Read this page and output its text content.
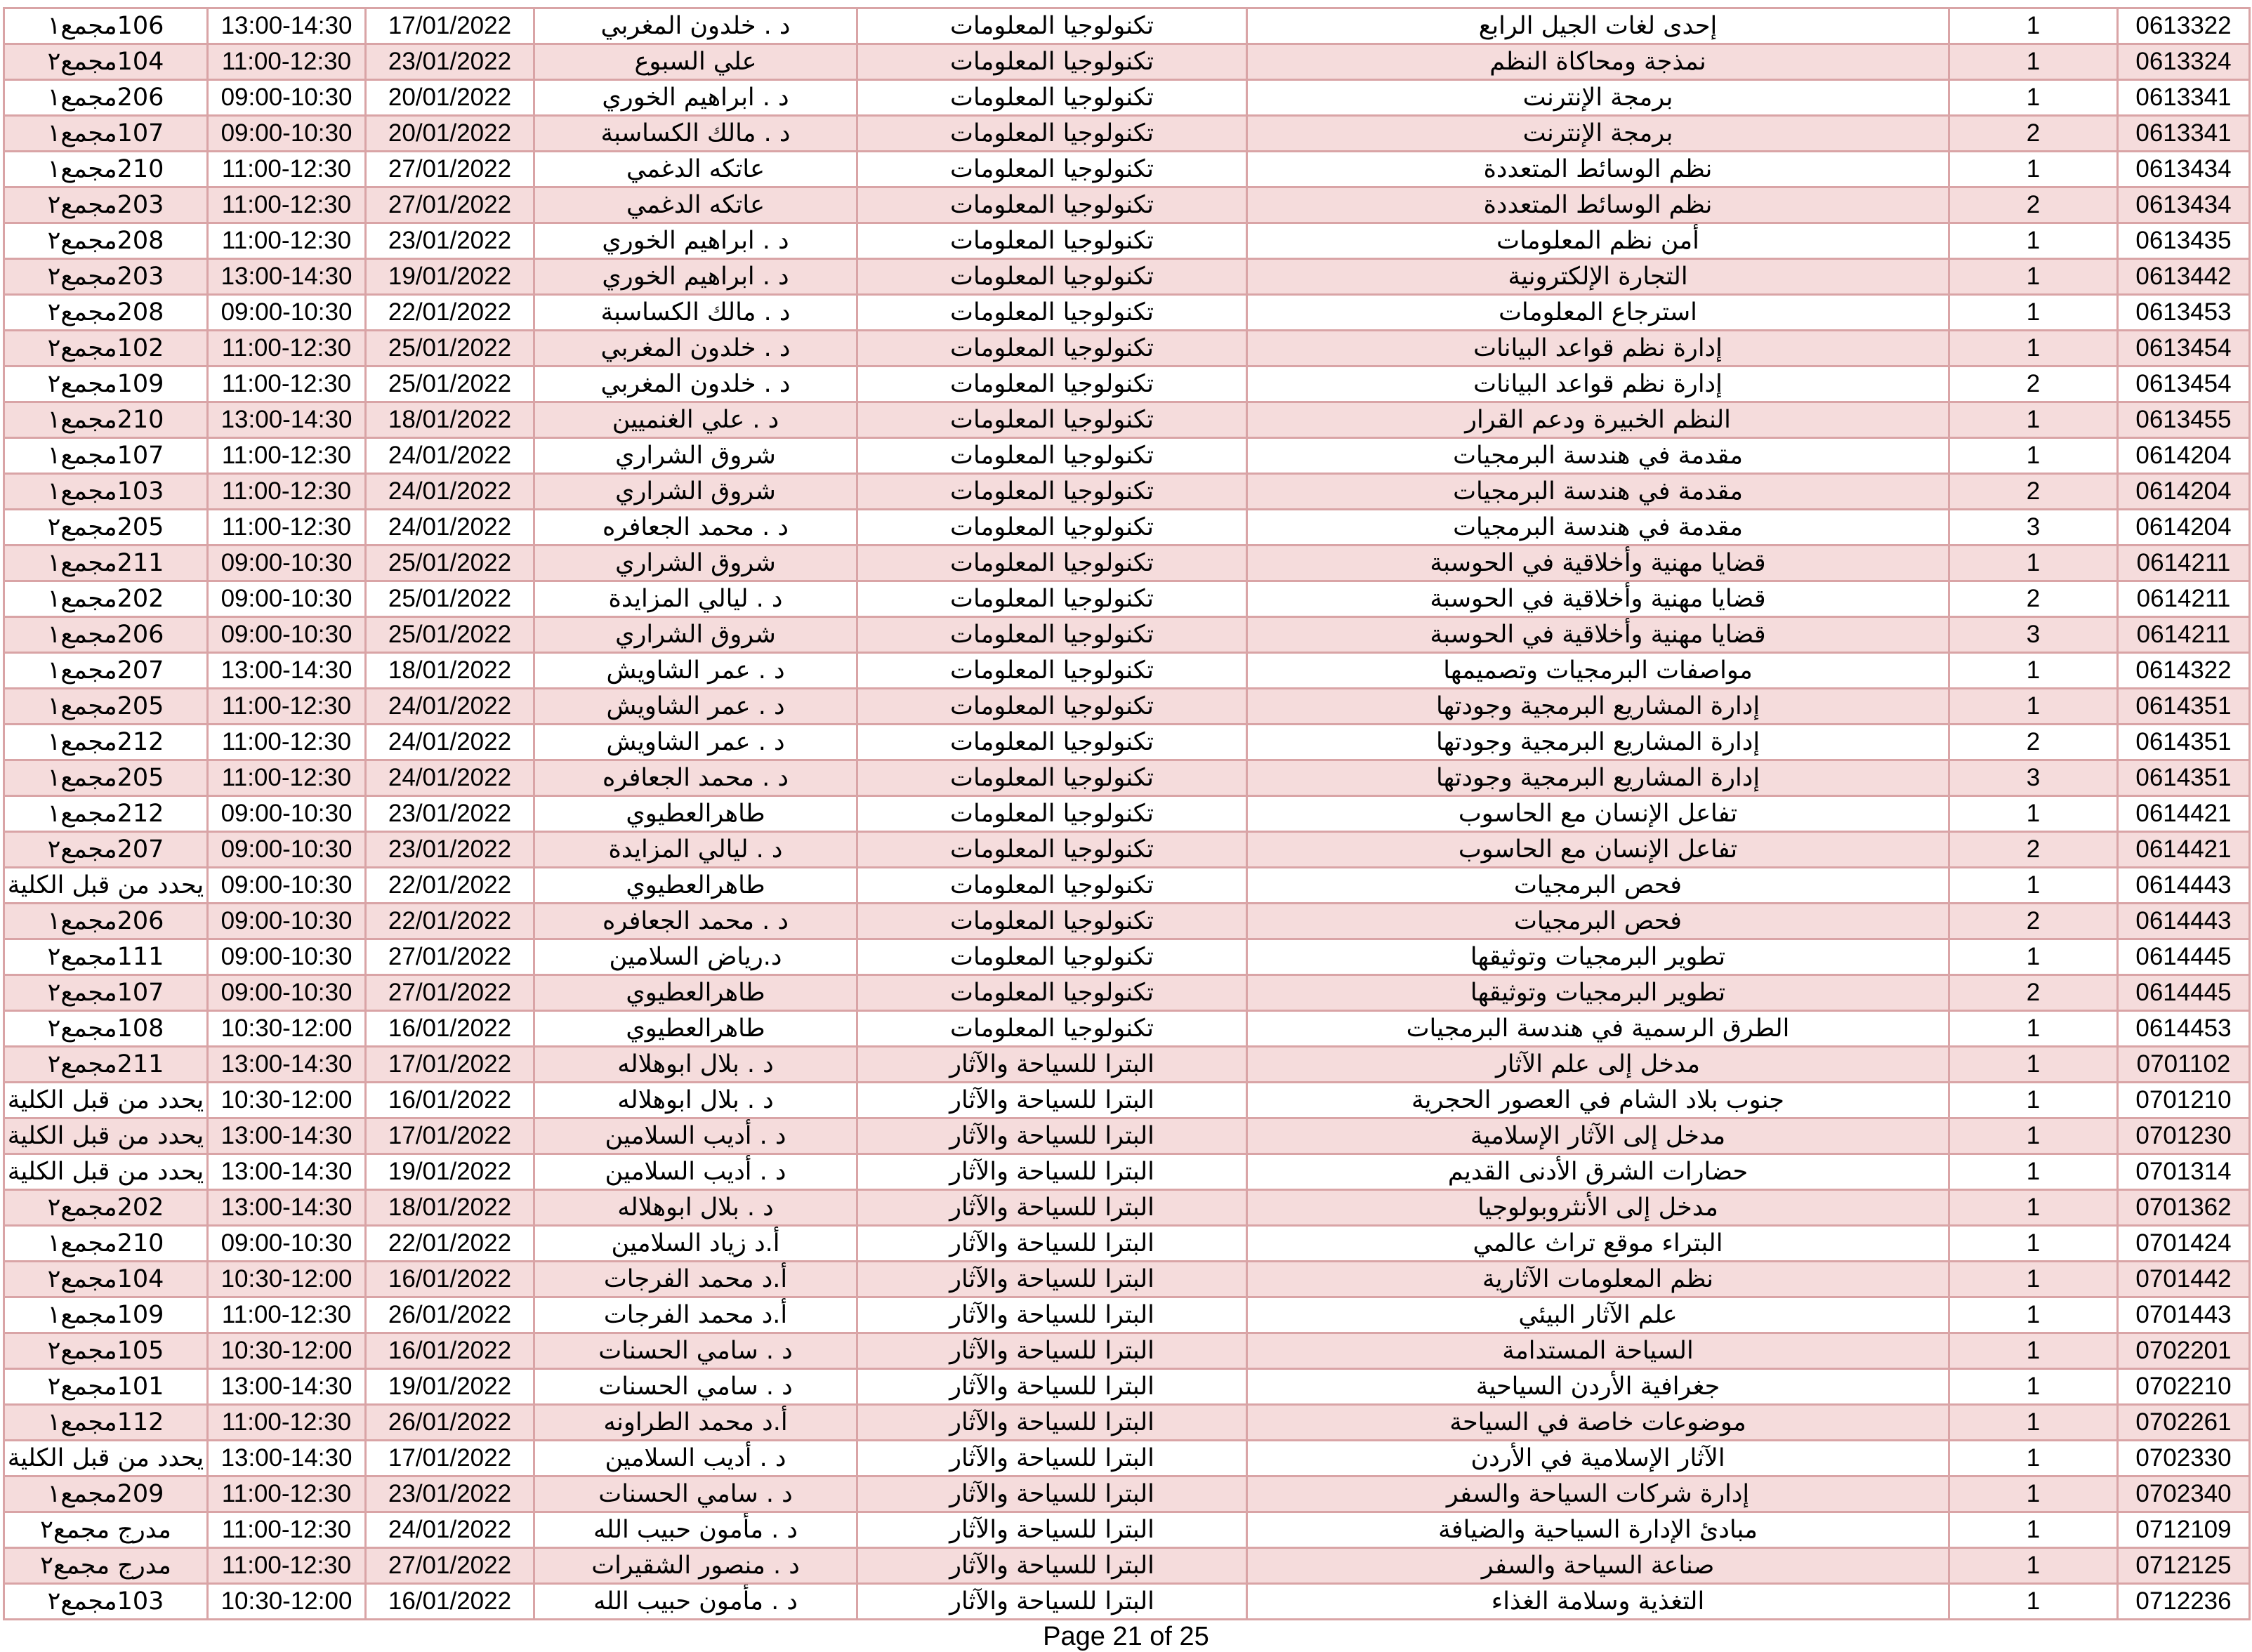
106مجمع١	13:00-14:30	17/01/2022	د . خلدون المغربي	تكنولوجيا المعلومات	إحدى لغات الجيل الرابع	1	0613322
104مجمع٢	11:00-12:30	23/01/2022	علي السبوع	تكنولوجيا المعلومات	نمذجة ومحاكاة النظم	1	0613324
206مجمع١	09:00-10:30	20/01/2022	د . ابراهيم الخوري	تكنولوجيا المعلومات	برمجة الإنترنت	1	0613341
107مجمع١	09:00-10:30	20/01/2022	د . مالك الكساسبة	تكنولوجيا المعلومات	برمجة الإنترنت	2	0613341
210مجمع١	11:00-12:30	27/01/2022	عاتكه الدغمي	تكنولوجيا المعلومات	نظم الوسائط المتعددة	1	0613434
203مجمع٢	11:00-12:30	27/01/2022	عاتكه الدغمي	تكنولوجيا المعلومات	نظم الوسائط المتعددة	2	0613434
208مجمع٢	11:00-12:30	23/01/2022	د . ابراهيم الخوري	تكنولوجيا المعلومات	أمن نظم المعلومات	1	0613435
203مجمع٢	13:00-14:30	19/01/2022	د . ابراهيم الخوري	تكنولوجيا المعلومات	التجارة الإلكترونية	1	0613442
208مجمع٢	09:00-10:30	22/01/2022	د . مالك الكساسبة	تكنولوجيا المعلومات	استرجاع المعلومات	1	0613453
102مجمع٢	11:00-12:30	25/01/2022	د . خلدون المغربي	تكنولوجيا المعلومات	إدارة نظم قواعد البيانات	1	0613454
109مجمع٢	11:00-12:30	25/01/2022	د . خلدون المغربي	تكنولوجيا المعلومات	إدارة نظم قواعد البيانات	2	0613454
210مجمع١	13:00-14:30	18/01/2022	د . علي الغنميين	تكنولوجيا المعلومات	النظم الخبيرة ودعم القرار	1	0613455
107مجمع١	11:00-12:30	24/01/2022	شروق الشراري	تكنولوجيا المعلومات	مقدمة في هندسة البرمجيات	1	0614204
103مجمع١	11:00-12:30	24/01/2022	شروق الشراري	تكنولوجيا المعلومات	مقدمة في هندسة البرمجيات	2	0614204
205مجمع٢	11:00-12:30	24/01/2022	د . محمد الجعافره	تكنولوجيا المعلومات	مقدمة في هندسة البرمجيات	3	0614204
211مجمع١	09:00-10:30	25/01/2022	شروق الشراري	تكنولوجيا المعلومات	قضايا مهنية وأخلاقية في الحوسبة	1	0614211
202مجمع١	09:00-10:30	25/01/2022	د . ليالي المزايدة	تكنولوجيا المعلومات	قضايا مهنية وأخلاقية في الحوسبة	2	0614211
206مجمع١	09:00-10:30	25/01/2022	شروق الشراري	تكنولوجيا المعلومات	قضايا مهنية وأخلاقية في الحوسبة	3	0614211
207مجمع١	13:00-14:30	18/01/2022	د . عمر الشاويش	تكنولوجيا المعلومات	مواصفات البرمجيات وتصميمها	1	0614322
205مجمع١	11:00-12:30	24/01/2022	د . عمر الشاويش	تكنولوجيا المعلومات	إدارة المشاريع البرمجية وجودتها	1	0614351
212مجمع١	11:00-12:30	24/01/2022	د . عمر الشاويش	تكنولوجيا المعلومات	إدارة المشاريع البرمجية وجودتها	2	0614351
205مجمع١	11:00-12:30	24/01/2022	د . محمد الجعافره	تكنولوجيا المعلومات	إدارة المشاريع البرمجية وجودتها	3	0614351
212مجمع١	09:00-10:30	23/01/2022	طاهرالعطيوي	تكنولوجيا المعلومات	تفاعل الإنسان مع الحاسوب	1	0614421
207مجمع٢	09:00-10:30	23/01/2022	د . ليالي المزايدة	تكنولوجيا المعلومات	تفاعل الإنسان مع الحاسوب	2	0614421
يحدد من قبل الكلية	09:00-10:30	22/01/2022	طاهرالعطيوي	تكنولوجيا المعلومات	فحص البرمجيات	1	0614443
206مجمع١	09:00-10:30	22/01/2022	د . محمد الجعافره	تكنولوجيا المعلومات	فحص البرمجيات	2	0614443
111مجمع٢	09:00-10:30	27/01/2022	د.رياض السلامين	تكنولوجيا المعلومات	تطوير البرمجيات وتوثيقها	1	0614445
107مجمع٢	09:00-10:30	27/01/2022	طاهرالعطيوي	تكنولوجيا المعلومات	تطوير البرمجيات وتوثيقها	2	0614445
108مجمع٢	10:30-12:00	16/01/2022	طاهرالعطيوي	تكنولوجيا المعلومات	الطرق الرسمية في هندسة البرمجيات	1	0614453
211مجمع٢	13:00-14:30	17/01/2022	د . بلال ابوهلاله	البترا للسياحة والآثار	مدخل إلى علم الآثار	1	0701102
يحدد من قبل الكلية	10:30-12:00	16/01/2022	د . بلال ابوهلاله	البترا للسياحة والآثار	جنوب بلاد الشام في العصور الحجرية	1	0701210
يحدد من قبل الكلية	13:00-14:30	17/01/2022	د . أديب السلامين	البترا للسياحة والآثار	مدخل إلى الآثار الإسلامية	1	0701230
يحدد من قبل الكلية	13:00-14:30	19/01/2022	د . أديب السلامين	البترا للسياحة والآثار	حضارات الشرق الأدنى القديم	1	0701314
202مجمع٢	13:00-14:30	18/01/2022	د . بلال ابوهلاله	البترا للسياحة والآثار	مدخل إلى الأنثروبولوجيا	1	0701362
210مجمع١	09:00-10:30	22/01/2022	أ.د زياد السلامين	البترا للسياحة والآثار	البتراء موقع تراث عالمي	1	0701424
104مجمع٢	10:30-12:00	16/01/2022	أ.د محمد الفرجات	البترا للسياحة والآثار	نظم المعلومات الآثارية	1	0701442
109مجمع١	11:00-12:30	26/01/2022	أ.د محمد الفرجات	البترا للسياحة والآثار	علم الآثار البيئي	1	0701443
105مجمع٢	10:30-12:00	16/01/2022	د . سامي الحسنات	البترا للسياحة والآثار	السياحة المستدامة	1	0702201
101مجمع٢	13:00-14:30	19/01/2022	د . سامي الحسنات	البترا للسياحة والآثار	جغرافية الأردن السياحية	1	0702210
112مجمع١	11:00-12:30	26/01/2022	أ.د محمد الطراونه	البترا للسياحة والآثار	موضوعات خاصة في السياحة	1	0702261
يحدد من قبل الكلية	13:00-14:30	17/01/2022	د . أديب السلامين	البترا للسياحة والآثار	الآثار الإسلامية في الأردن	1	0702330
209مجمع١	11:00-12:30	23/01/2022	د . سامي الحسنات	البترا للسياحة والآثار	إدارة شركات السياحة والسفر	1	0702340
مدرج مجمع٢	11:00-12:30	24/01/2022	د . مأمون حبيب الله	البترا للسياحة والآثار	مبادئ الإدارة السياحية والضيافة	1	0712109
مدرج مجمع٢	11:00-12:30	27/01/2022	د . منصور الشقيرات	البترا للسياحة والآثار	صناعة السياحة والسفر	1	0712125
103مجمع٢	10:30-12:00	16/01/2022	د . مأمون حبيب الله	البترا للسياحة والآثار	التغذية وسلامة الغذاء	1	0712236
Page 21 of 25
